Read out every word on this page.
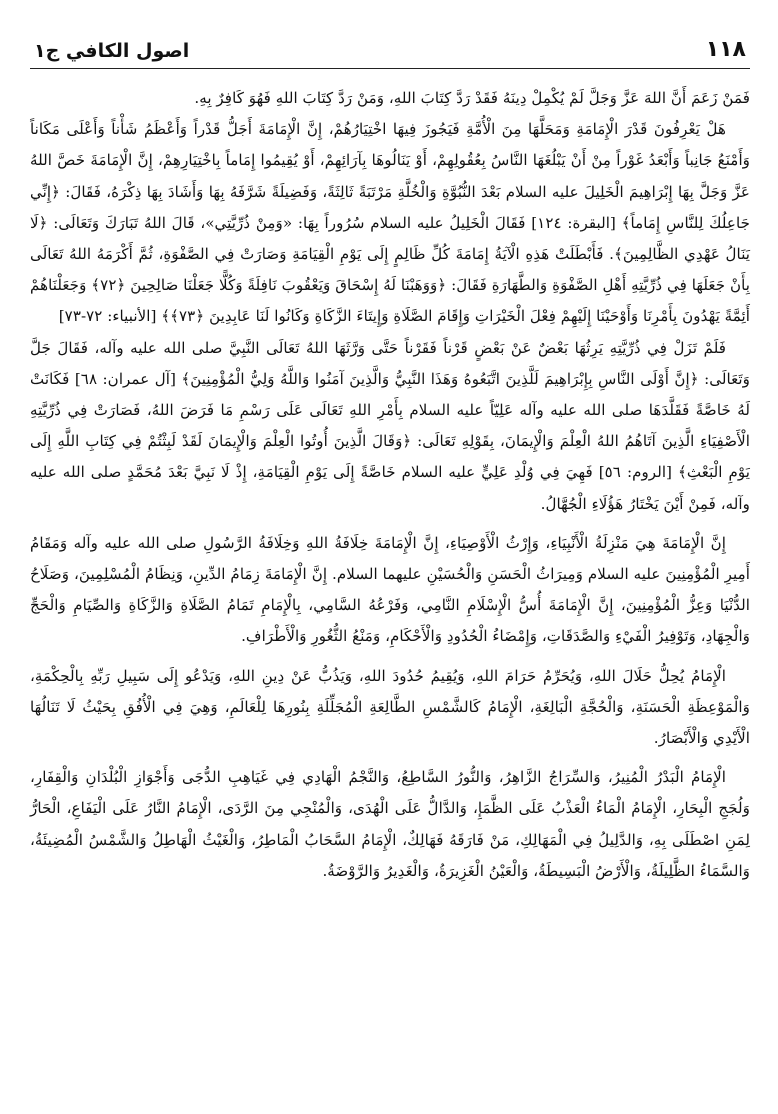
١١٨
اصول الكافي ج١

فَمَنْ زَعَمَ أَنَّ اللهَ عَزَّ وَجَلَّ لَمْ يُكْمِلْ دِينَهُ فَقَدْ رَدَّ كِتَابَ اللهِ، وَمَنْ رَدَّ كِتَابَ اللهِ فَهُوَ كَافِرٌ بِهِ.

هَلْ يَعْرِفُونَ قَدْرَ الْإِمَامَةِ وَمَحَلَّهَا مِنَ الْأُمَّةِ فَيَجُوزَ فِيهَا اخْتِيَارُهُمْ، إِنَّ الْإِمَامَةَ أَجَلُّ قَدْراً وَأَعْظَمُ شَأْناً وَأَعْلَى مَكَاناً وَأَمْنَعُ جَانِباً وَأَبْعَدُ غَوْراً مِنْ أَنْ يَبْلُغَهَا النَّاسُ بِعُقُولِهِمْ، أَوْ يَنَالُوهَا بِآرَائِهِمْ، أَوْ يُقِيمُوا إِمَاماً بِاخْتِيَارِهِمْ، إِنَّ الْإِمَامَةَ خَصَّ اللهُ عَزَّ وَجَلَّ بِهَا إِبْرَاهِيمَ الْخَلِيلَ عليه السلام بَعْدَ النُّبُوَّةِ وَالْخُلَّةِ مَرْتَبَةً ثَالِثَةً، وَفَضِيلَةً شَرَّفَهُ بِهَا وَأَشَادَ بِهَا ذِكْرَهُ، فَقَالَ: ﴿إِنِّي جَاعِلُكَ لِلنَّاسِ إِمَاماً﴾ [البقرة: ١٢٤] فَقَالَ الْخَلِيلُ عليه السلام سُرُوراً بِهَا: «وَمِنْ ذُرِّيَّتِي»، قَالَ اللهُ تَبَارَكَ وَتَعَالَى: ﴿لَا يَنَالُ عَهْدِي الظَّالِمِينَ﴾. فَأَبْطَلَتْ هَذِهِ الْآيَةُ إِمَامَةَ كُلِّ ظَالِمٍ إِلَى يَوْمِ الْقِيَامَةِ وَصَارَتْ فِي الصَّفْوَةِ، ثُمَّ أَكْرَمَهُ اللهُ تَعَالَى بِأَنْ جَعَلَهَا فِي ذُرِّيَّتِهِ أَهْلِ الصَّفْوَةِ وَالطَّهَارَةِ فَقَالَ: ﴿وَوَهَبْنَا لَهُ إِسْحَاقَ وَيَعْقُوبَ نَافِلَةً وَكُلًّا جَعَلْنَا صَالِحِينَ ﴿٧٢﴾ وَجَعَلْنَاهُمْ أَئِمَّةً يَهْدُونَ بِأَمْرِنَا وَأَوْحَيْنَا إِلَيْهِمْ فِعْلَ الْخَيْرَاتِ وَإِقَامَ الصَّلَاةِ وَإِيتَاءَ الزَّكَاةِ وَكَانُوا لَنَا عَابِدِينَ ﴿٧٣﴾﴾ [الأنبياء: ٧٢-٧٣]

فَلَمْ تَزَلْ فِي ذُرِّيَّتِهِ يَرِثُهَا بَعْضٌ عَنْ بَعْضٍ قَرْناً فَقَرْناً حَتَّى وَرَّثَهَا اللهُ تَعَالَى النَّبِيَّ صلى الله عليه وآله، فَقَالَ جَلَّ وَتَعَالَى: ﴿إِنَّ أَوْلَى النَّاسِ بِإِبْرَاهِيمَ لَلَّذِينَ اتَّبَعُوهُ وَهَذَا النَّبِيُّ وَالَّذِينَ آمَنُوا وَاللَّهُ وَلِيُّ الْمُؤْمِنِينَ﴾ [آل عمران: ٦٨] فَكَانَتْ لَهُ خَاصَّةً فَقَلَّدَهَا صلى الله عليه وآله عَلِيّاً عليه السلام بِأَمْرِ اللهِ تَعَالَى عَلَى رَسْمِ مَا فَرَضَ اللهُ، فَصَارَتْ فِي ذُرِّيَّتِهِ الْأَصْفِيَاءِ الَّذِينَ آتَاهُمُ اللهُ الْعِلْمَ وَالْإِيمَانَ، بِقَوْلِهِ تَعَالَى: ﴿وَقَالَ الَّذِينَ أُوتُوا الْعِلْمَ وَالْإِيمَانَ لَقَدْ لَبِثْتُمْ فِي كِتَابِ اللَّهِ إِلَى يَوْمِ الْبَعْثِ﴾ [الروم: ٥٦] فَهِيَ فِي وُلْدِ عَلِيٍّ عليه السلام خَاصَّةً إِلَى يَوْمِ الْقِيَامَةِ، إِذْ لَا نَبِيَّ بَعْدَ مُحَمَّدٍ صلى الله عليه وآله، فَمِنْ أَيْنَ يَخْتَارُ هَؤُلَاءِ الْجُهَّالُ.

إِنَّ الْإِمَامَةَ هِيَ مَنْزِلَةُ الْأَنْبِيَاءِ، وَإِرْثُ الْأَوْصِيَاءِ، إِنَّ الْإِمَامَةَ خِلَافَةُ اللهِ وَخِلَافَةُ الرَّسُولِ صلى الله عليه وآله وَمَقَامُ أَمِيرِ الْمُؤْمِنِينَ عليه السلام وَمِيرَاثُ الْحَسَنِ وَالْحُسَيْنِ عليهما السلام. إِنَّ الْإِمَامَةَ زِمَامُ الدِّينِ، وَنِظَامُ الْمُسْلِمِينَ، وَصَلَاحُ الدُّنْيَا وَعِزُّ الْمُؤْمِنِينَ، إِنَّ الْإِمَامَةَ أُسُّ الْإِسْلَامِ النَّامِي، وَفَرْعُهُ السَّامِي، بِالْإِمَامِ تَمَامُ الصَّلَاةِ وَالزَّكَاةِ وَالصِّيَامِ وَالْحَجِّ وَالْجِهَادِ، وَتَوْفِيرُ الْفَيْءِ وَالصَّدَقَاتِ، وَإِمْضَاءُ الْحُدُودِ وَالْأَحْكَامِ، وَمَنْعُ الثُّغُورِ وَالْأَطْرَافِ.

الْإِمَامُ يُحِلُّ حَلَالَ اللهِ، وَيُحَرِّمُ حَرَامَ اللهِ، وَيُقِيمُ حُدُودَ اللهِ، وَيَذُبُّ عَنْ دِينِ اللهِ، وَيَدْعُو إِلَى سَبِيلِ رَبِّهِ بِالْحِكْمَةِ، وَالْمَوْعِظَةِ الْحَسَنَةِ، وَالْحُجَّةِ الْبَالِغَةِ، الْإِمَامُ كَالشَّمْسِ الطَّالِعَةِ الْمُجَلِّلَةِ بِنُورِهَا لِلْعَالَمِ، وَهِيَ فِي الْأُفُقِ بِحَيْثُ لَا تَنَالُهَا الْأَيْدِي وَالْأَبْصَارُ.

الْإِمَامُ الْبَدْرُ الْمُنِيرُ، وَالسِّرَاجُ الزَّاهِرُ، وَالنُّورُ السَّاطِعُ، وَالنَّجْمُ الْهَادِي فِي غَيَاهِبِ الدُّجَى وَأَجْوَازِ الْبُلْدَانِ وَالْقِفَارِ، وَلُجَجِ الْبِحَارِ، الْإِمَامُ الْمَاءُ الْعَذْبُ عَلَى الظَّمَإِ، وَالدَّالُّ عَلَى الْهُدَى، وَالْمُنْجِي مِنَ الرَّدَى، الْإِمَامُ النَّارُ عَلَى الْيَفَاعِ، الْحَارُّ لِمَنِ اصْطَلَى بِهِ، وَالدَّلِيلُ فِي الْمَهَالِكِ، مَنْ فَارَقَهُ فَهَالِكٌ، الْإِمَامُ السَّحَابُ الْمَاطِرُ، وَالْغَيْثُ الْهَاطِلُ وَالشَّمْسُ الْمُضِيئَةُ، وَالسَّمَاءُ الظَّلِيلَةُ، وَالْأَرْضُ الْبَسِيطَةُ، وَالْعَيْنُ الْغَزِيرَةُ، وَالْغَدِيرُ وَالرَّوْضَةُ.
